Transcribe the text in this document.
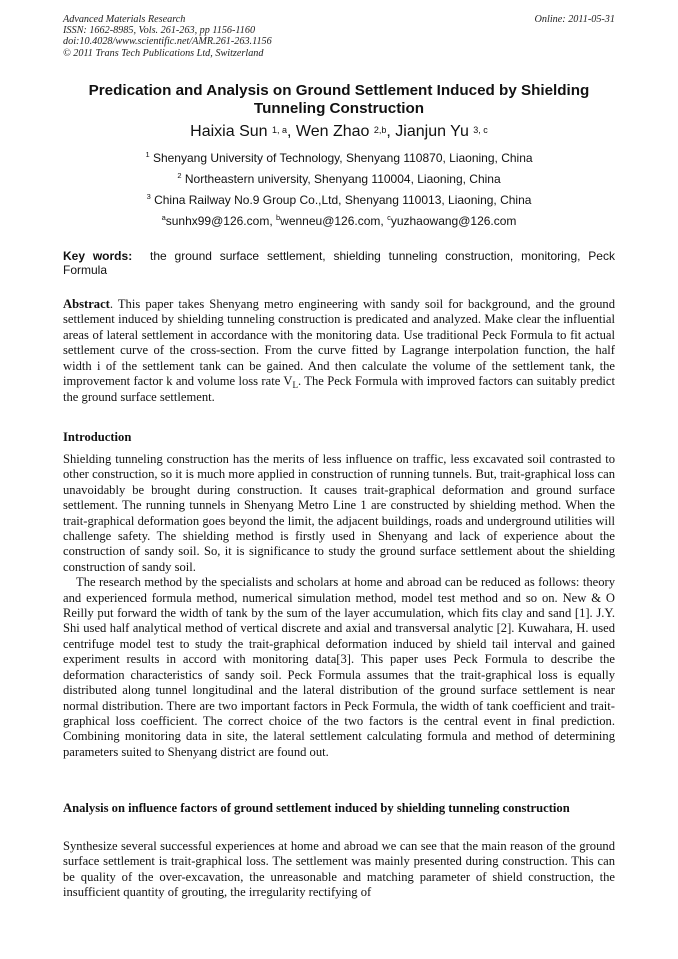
Advanced Materials Research
ISSN: 1662-8985, Vols. 261-263, pp 1156-1160
doi:10.4028/www.scientific.net/AMR.261-263.1156
© 2011 Trans Tech Publications Ltd, Switzerland
Online: 2011-05-31
Predication and Analysis on Ground Settlement Induced by Shielding Tunneling Construction
Haixia Sun $^{1, a}$, Wen Zhao $^{2,b}$, Jianjun Yu $^{3, c}$
$^1$ Shenyang University of Technology, Shenyang 110870, Liaoning, China
$^2$ Northeastern university, Shenyang 110004, Liaoning, China
$^3$ China Railway No.9 Group Co.,Ltd, Shenyang 110013, Liaoning, China
$^a$sunhx99@126.com, $^b$wenneu@126.com, $^c$yuzhaowang@126.com
Key words: the ground surface settlement, shielding tunneling construction, monitoring, Peck Formula

Abstract. This paper takes Shenyang metro engineering with sandy soil for background, and the ground settlement induced by shielding tunneling construction is predicated and analyzed. Make clear the influential areas of lateral settlement in accordance with the monitoring data. Use traditional Peck Formula to fit actual settlement curve of the cross-section. From the curve fitted by Lagrange interpolation function, the half width i of the settlement tank can be gained. And then calculate the volume of the settlement tank, the improvement factor k and volume loss rate $V_L$. The Peck Formula with improved factors can suitably predict the ground surface settlement.

Introduction

Shielding tunneling construction has the merits of less influence on traffic, less excavated soil contrasted to other construction, so it is much more applied in construction of running tunnels. But, trait-graphical loss can unavoidably be brought during construction. It causes trait-graphical deformation and ground surface settlement. The running tunnels in Shenyang Metro Line 1 are constructed by shielding method. When the trait-graphical deformation goes beyond the limit, the adjacent buildings, roads and underground utilities will challenge safety. The shielding method is firstly used in Shenyang and lack of experience about the construction of sandy soil. So, it is significance to study the ground surface settlement about the shielding construction of sandy soil.

The research method by the specialists and scholars at home and abroad can be reduced as follows: theory and experienced formula method, numerical simulation method, model test method and so on. New & O Reilly put forward the width of tank by the sum of the layer accumulation, which fits clay and sand [1]. J.Y. Shi used half analytical method of vertical discrete and axial and transversal analytic [2]. Kuwahara, H. used centrifuge model test to study the trait-graphical deformation induced by shield tail interval and gained experiment results in accord with monitoring data[3]. This paper uses Peck Formula to describe the deformation characteristics of sandy soil. Peck Formula assumes that the trait-graphical loss is equally distributed along tunnel longitudinal and the lateral distribution of the ground surface settlement is near normal distribution. There are two important factors in Peck Formula, the width of tank coefficient and trait-graphical loss coefficient. The correct choice of the two factors is the central event in final prediction. Combining monitoring data in site, the lateral settlement calculating formula and method of determining parameters suited to Shenyang district are found out.

Analysis on influence factors of ground settlement induced by shielding tunneling construction

Synthesize several successful experiences at home and abroad we can see that the main reason of the ground surface settlement is trait-graphical loss. The settlement was mainly presented during construction. This can be quality of the over-excavation, the unreasonable and matching parameter of shield construction, the insufficient quantity of grouting, the irregularity rectifying of
